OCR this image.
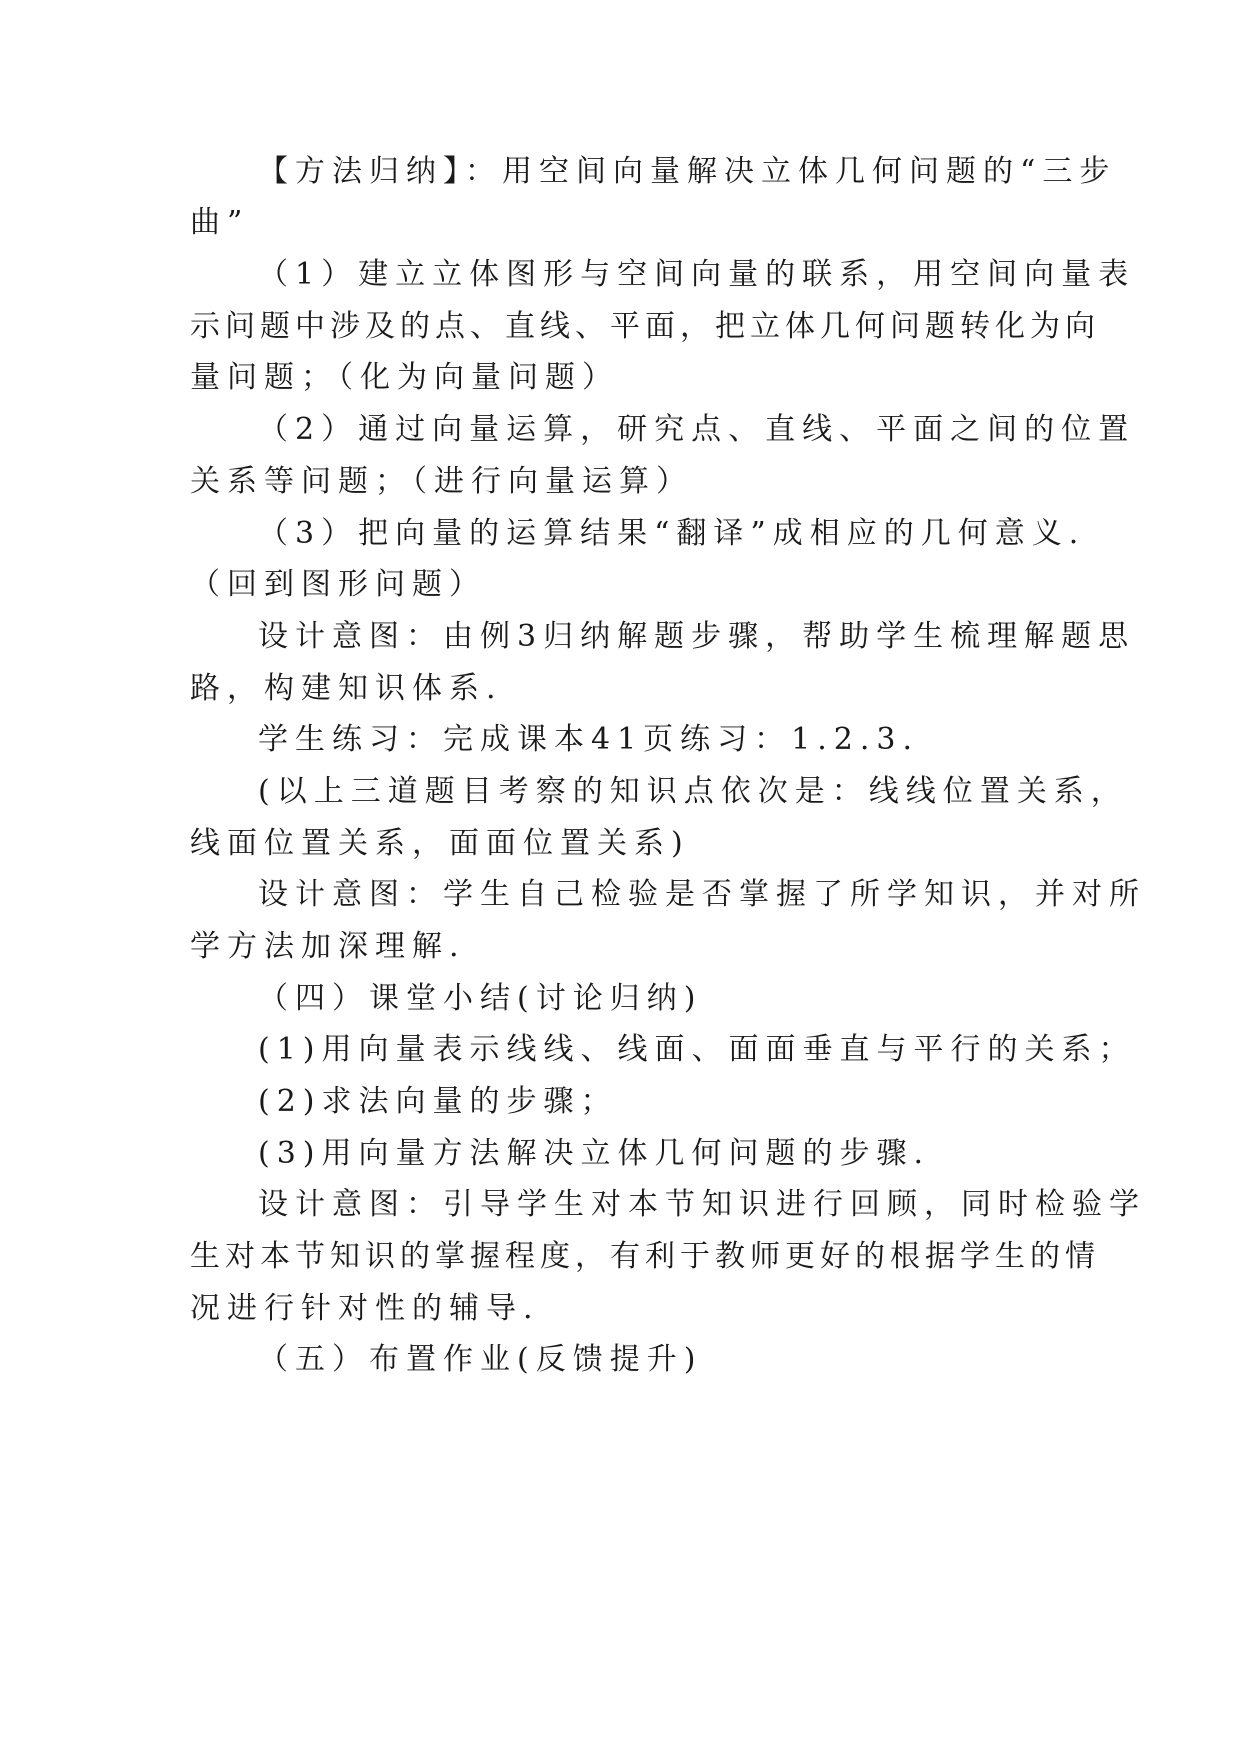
【方法归纳】：用空间向量解决立体几何问题的“三步
曲”
（1）建立立体图形与空间向量的联系，用空间向量表
示问题中涉及的点、直线、平面，把立体几何问题转化为向
量问题；（化为向量问题）
（2）通过向量运算，研究点、直线、平面之间的位置
关系等问题；（进行向量运算）
（3）把向量的运算结果“翻译”成相应的几何意义.
（回到图形问题）
设计意图：由例3归纳解题步骤，帮助学生梳理解题思
路，构建知识体系.
学生练习：完成课本41页练习：1.2.3.
(以上三道题目考察的知识点依次是：线线位置关系，
线面位置关系，面面位置关系)
设计意图：学生自己检验是否掌握了所学知识，并对所
学方法加深理解.
（四）课堂小结(讨论归纳)
(1)用向量表示线线、线面、面面垂直与平行的关系；
(2)求法向量的步骤；
(3)用向量方法解决立体几何问题的步骤.
设计意图：引导学生对本节知识进行回顾，同时检验学
生对本节知识的掌握程度，有利于教师更好的根据学生的情
况进行针对性的辅导.
（五）布置作业(反馈提升)
